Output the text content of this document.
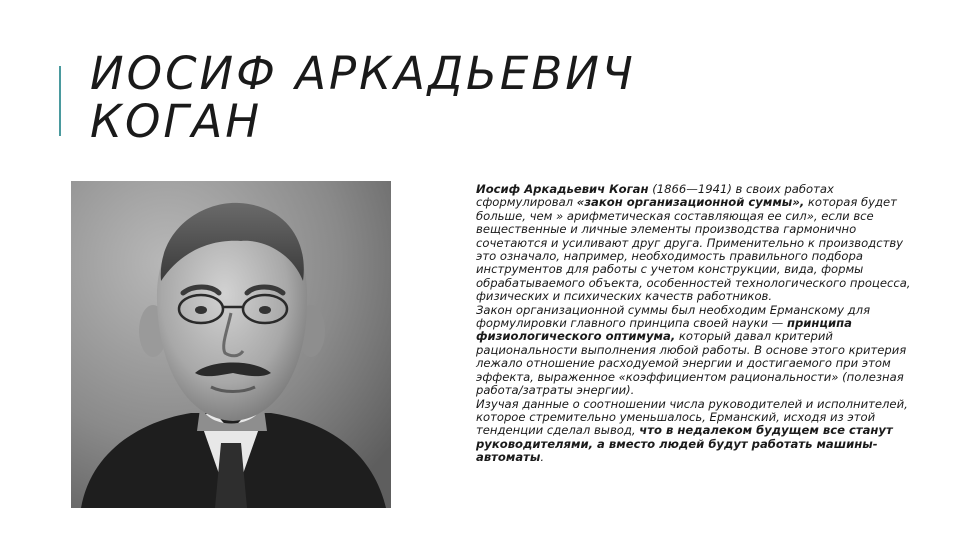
ИОСИФ АРКАДЬЕВИЧ
КОГАН

Иосиф Аркадьевич Коган (1866—1941) в своих работах сформулировал «закон организационной суммы», которая будет больше, чем » арифметическая составляющая ее сил», если все вещественные и личные элементы производства гармонично сочетаются и усиливают друг друга. Применительно к производству это означало, например, необходимость правильного подбора инструментов для работы с учетом конструкции, вида, формы обрабатываемого объекта, особенностей технологического процесса, физических и психических качеств работников.

Закон организационной суммы был необходим Ерманскому для формулировки главного принципа своей науки — принципа физиологического оптимума, который давал критерий рациональности выполнения любой работы. В основе этого критерия лежало отношение расходуемой энергии и достигаемого при этом эффекта, выраженное «коэффициентом рациональности» (полезная работа/затраты энергии).

Изучая данные о соотношении числа руководителей и исполнителей, которое стремительно уменьшалось, Ерманский, исходя из этой тенденции сделал вывод, что в недалеком будущем все станут руководителями, а вместо людей будут работать машины-автоматы.
